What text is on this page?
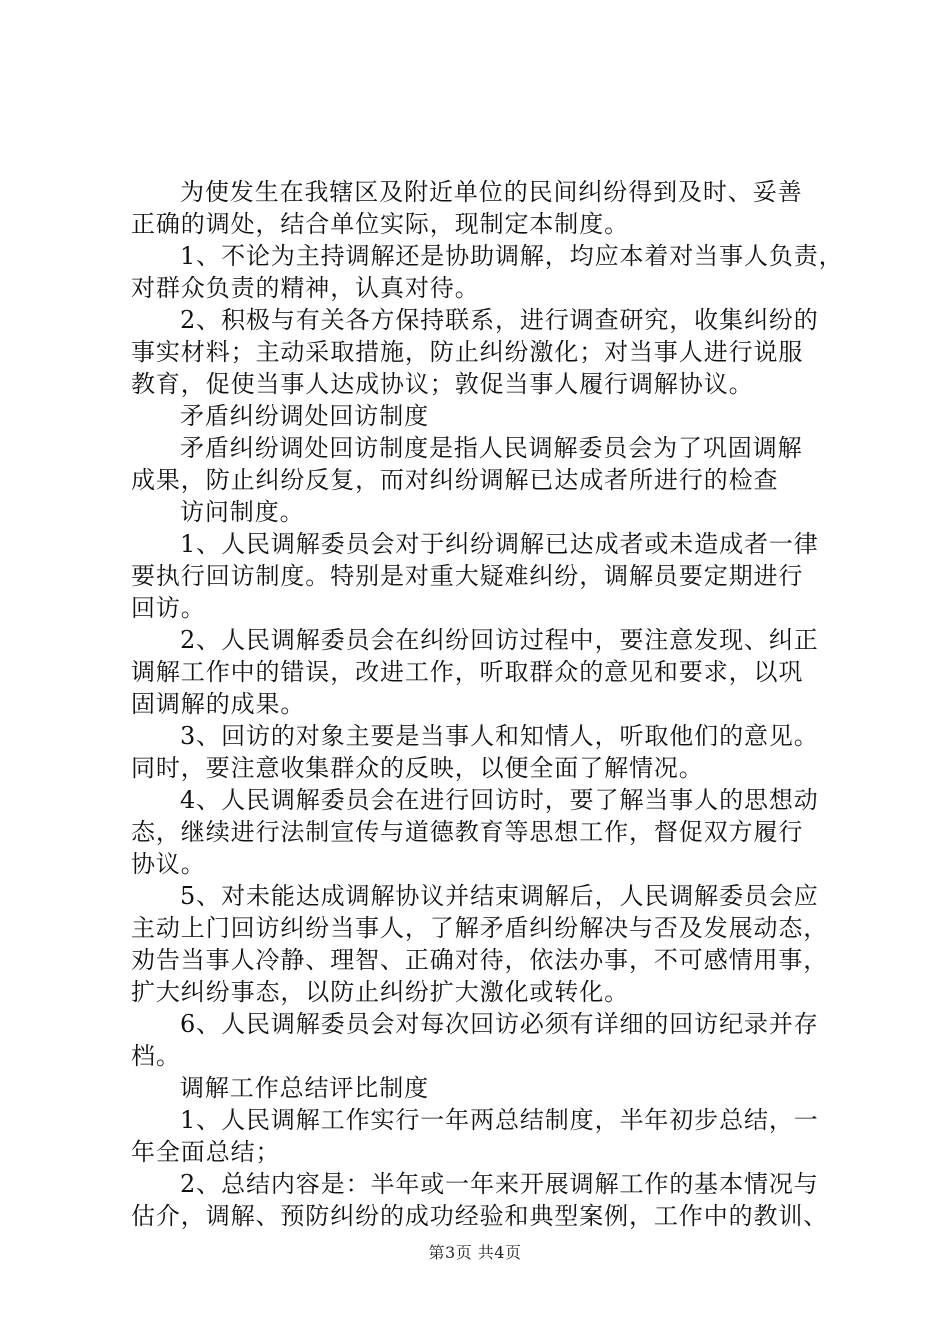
为使发生在我辖区及附近单位的民间纠纷得到及时、妥善
正确的调处，结合单位实际，现制定本制度。
1、不论为主持调解还是协助调解，均应本着对当事人负责，
对群众负责的精神，认真对待。
2、积极与有关各方保持联系，进行调查研究，收集纠纷的
事实材料；主动采取措施，防止纠纷激化；对当事人进行说服
教育，促使当事人达成协议；敦促当事人履行调解协议。
矛盾纠纷调处回访制度
矛盾纠纷调处回访制度是指人民调解委员会为了巩固调解
成果，防止纠纷反复，而对纠纷调解已达成者所进行的检查
访问制度。
1、人民调解委员会对于纠纷调解已达成者或未造成者一律
要执行回访制度。特别是对重大疑难纠纷，调解员要定期进行
回访。
2、人民调解委员会在纠纷回访过程中，要注意发现、纠正
调解工作中的错误，改进工作，听取群众的意见和要求，以巩
固调解的成果。
3、回访的对象主要是当事人和知情人，听取他们的意见。
同时，要注意收集群众的反映，以便全面了解情况。
4、人民调解委员会在进行回访时，要了解当事人的思想动
态，继续进行法制宣传与道德教育等思想工作，督促双方履行
协议。
5、对未能达成调解协议并结束调解后，人民调解委员会应
主动上门回访纠纷当事人，了解矛盾纠纷解决与否及发展动态，
劝告当事人冷静、理智、正确对待，依法办事，不可感情用事，
扩大纠纷事态，以防止纠纷扩大激化或转化。
6、人民调解委员会对每次回访必须有详细的回访纪录并存
档。
调解工作总结评比制度
1、人民调解工作实行一年两总结制度，半年初步总结，一
年全面总结；
2、总结内容是：半年或一年来开展调解工作的基本情况与
估介，调解、预防纠纷的成功经验和典型案例，工作中的教训、
第3页 共4页
